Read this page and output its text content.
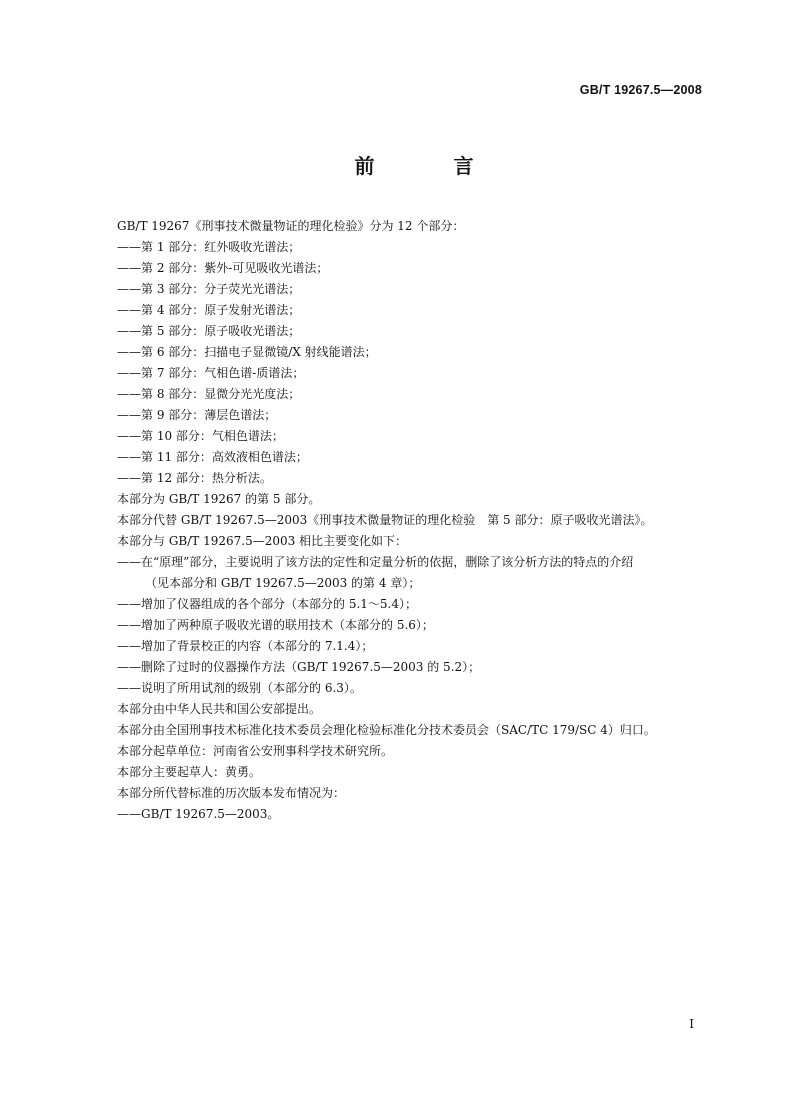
GB/T 19267.5—2008
前 言
GB/T 19267《刑事技术微量物证的理化检验》分为 12 个部分：
——第 1 部分：红外吸收光谱法；
——第 2 部分：紫外-可见吸收光谱法；
——第 3 部分：分子荧光光谱法；
——第 4 部分：原子发射光谱法；
——第 5 部分：原子吸收光谱法；
——第 6 部分：扫描电子显微镜/X 射线能谱法；
——第 7 部分：气相色谱-质谱法；
——第 8 部分：显微分光光度法；
——第 9 部分：薄层色谱法；
——第 10 部分：气相色谱法；
——第 11 部分：高效液相色谱法；
——第 12 部分：热分析法。
本部分为 GB/T 19267 的第 5 部分。
本部分代替 GB/T 19267.5—2003《刑事技术微量物证的理化检验　第 5 部分：原子吸收光谱法》。
本部分与 GB/T 19267.5—2003 相比主要变化如下：
——在“原理”部分，主要说明了该方法的定性和定量分析的依据，删除了该分析方法的特点的介绍
（见本部分和 GB/T 19267.5—2003 的第 4 章）；
——增加了仪器组成的各个部分（本部分的 5.1～5.4）；
——增加了两种原子吸收光谱的联用技术（本部分的 5.6）；
——增加了背景校正的内容（本部分的 7.1.4）；
——删除了过时的仪器操作方法（GB/T 19267.5—2003 的 5.2）；
——说明了所用试剂的级别（本部分的 6.3）。
本部分由中华人民共和国公安部提出。
本部分由全国刑事技术标准化技术委员会理化检验标准化分技术委员会（SAC/TC 179/SC 4）归口。
本部分起草单位：河南省公安刑事科学技术研究所。
本部分主要起草人：黄勇。
本部分所代替标准的历次版本发布情况为：
——GB/T 19267.5—2003。
I
